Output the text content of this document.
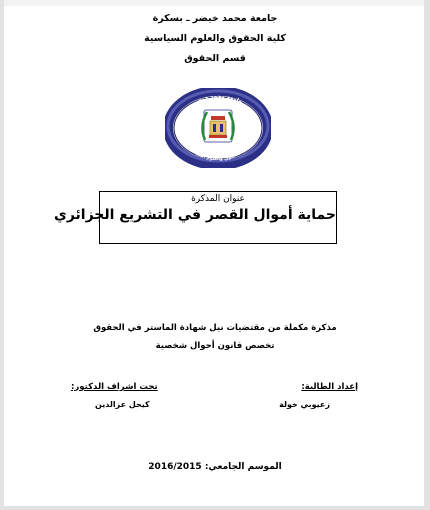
جامعة محمد خيضر ـ بسكرة
كلية الحقوق والعلوم السياسية
قسم الحقوق
جامعة محمد خيضر
كلية الحقوق والعلوم السياسية
عنوان المذكرة
حماية أموال القصر في التشريع الجزائري
مذكرة مكملة من مقتضيات نيل شهادة الماستر في الحقوق
تخصص قانون أحوال شخصية
إعداد الطالبة:
زعيوبي خولة
تحت اشراف الدكتور:
كيحل عزالدين
2016/2015 الموسم الجامعي:
